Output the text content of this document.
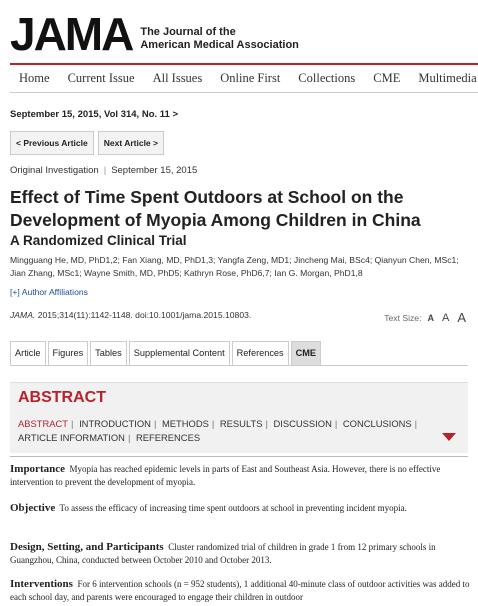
JAMA The Journal of the
American Medical Association
Home Current Issue All Issues Online First Collections CME Multimedia
September 15, 2015, Vol 314, No. 11 >
< Previous Article	Next Article >
Original Investigation | September 15, 2015
Effect of Time Spent Outdoors at School on the Development of Myopia Among Children in China
A Randomized Clinical Trial
Mingguang He, MD, PhD1,2; Fan Xiang, MD, PhD1,3; Yangfa Zeng, MD1; Jincheng Mai, BSc4; Qianyun Chen, MSc1; Jian Zhang, MSc1; Wayne Smith, MD, PhD5; Kathryn Rose, PhD6,7; Ian G. Morgan, PhD1,8
[+] Author Affiliations
JAMA. 2015;314(11):1142-1148. doi:10.1001/jama.2015.10803.	Text Size: A A A
Article	Figures	Tables	Supplemental Content	References	CME
ABSTRACT
ABSTRACT | INTRODUCTION | METHODS | RESULTS | DISCUSSION | CONCLUSIONS | ARTICLE INFORMATION | REFERENCES
Importance Myopia has reached epidemic levels in parts of East and Southeast Asia. However, there is no effective intervention to prevent the development of myopia.
Objective To assess the efficacy of increasing time spent outdoors at school in preventing incident myopia.
Design, Setting, and Participants Cluster randomized trial of children in grade 1 from 12 primary schools in Guangzhou, China, conducted between October 2010 and October 2013.
Interventions For 6 intervention schools (n = 952 students), 1 additional 40-minute class of outdoor activities was added to each school day, and parents were encouraged to engage their children in outdoor
